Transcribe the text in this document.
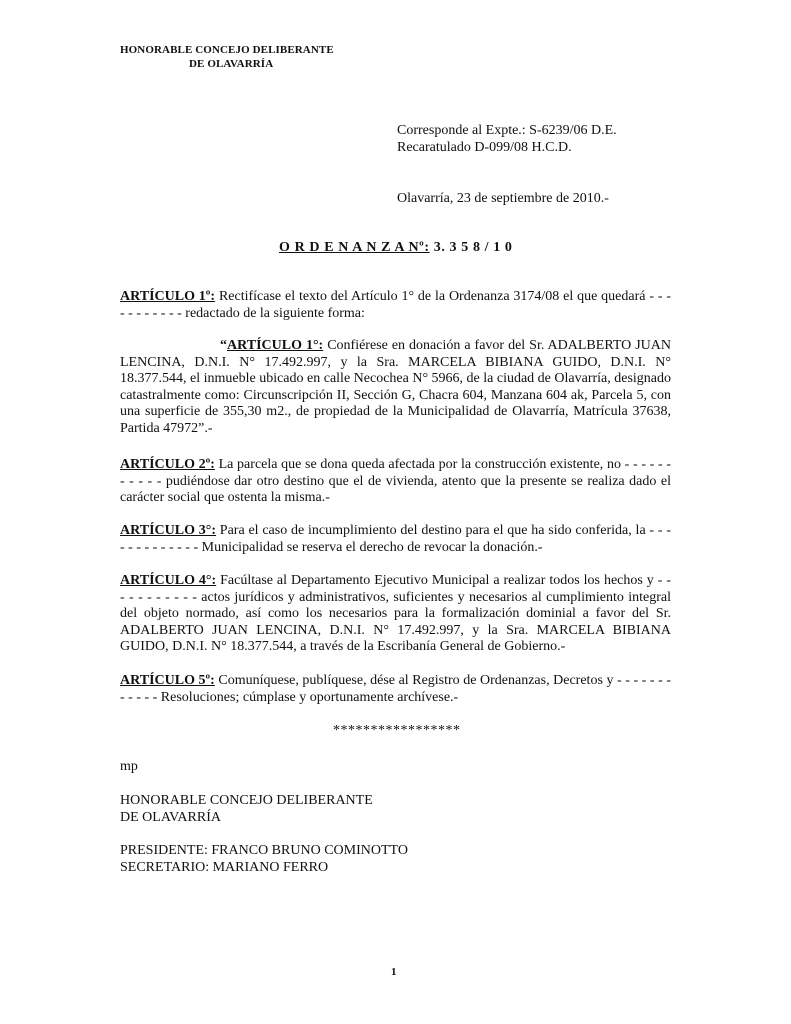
HONORABLE CONCEJO DELIBERANTE
DE OLAVARRÍA
Corresponde al Expte.: S-6239/06 D.E.
Recaratulado D-099/08 H.C.D.
Olavarría, 23 de septiembre de 2010.-
O R D E N A N Z A Nº: 3. 3 5 8 / 1 0
ARTÍCULO 1º: Rectifícase el texto del Artículo 1° de la Ordenanza 3174/08 el que quedará - - - - - - - - - - - redactado de la siguiente forma:
“ARTÍCULO 1°: Confiérese en donación a favor del Sr. ADALBERTO JUAN LENCINA, D.N.I. N° 17.492.997, y la Sra. MARCELA BIBIANA GUIDO, D.N.I. N° 18.377.544, el inmueble ubicado en calle Necochea N° 5966, de la ciudad de Olavarría, designado catastralmente como: Circunscripción II, Sección G, Chacra 604, Manzana 604 ak, Parcela 5, con una superficie de 355,30 m2., de propiedad de la Municipalidad de Olavarría, Matrícula 37638, Partida 47972”.-
ARTÍCULO 2º: La parcela que se dona queda afectada por la construcción existente, no - - - - - - - - - - - pudiéndose dar otro destino que el de vivienda, atento que la presente se realiza dado el carácter social que ostenta la misma.-
ARTÍCULO 3°: Para el caso de incumplimiento del destino para el que ha sido conferida, la - - - - - - - - - - - - - Municipalidad se reserva el derecho de revocar la donación.-
ARTÍCULO 4°: Facúltase al Departamento Ejecutivo Municipal a realizar todos los hechos y - - - - - - - - - - - actos jurídicos y administrativos, suficientes y necesarios al cumplimiento integral del objeto normado, así como los necesarios para la formalización dominial a favor del Sr. ADALBERTO JUAN LENCINA, D.N.I. N° 17.492.997, y la Sra. MARCELA BIBIANA GUIDO, D.N.I. N° 18.377.544, a través de la Escribanía General de Gobierno.-
ARTÍCULO 5º: Comuníquese, publíquese, dése al Registro de Ordenanzas, Decretos y - - - - - - - - - - - - Resoluciones; cúmplase y oportunamente archívese.-
*****************
mp
HONORABLE CONCEJO DELIBERANTE
DE OLAVARRÍA
PRESIDENTE: FRANCO BRUNO COMINOTTO
SECRETARIO: MARIANO FERRO
1
